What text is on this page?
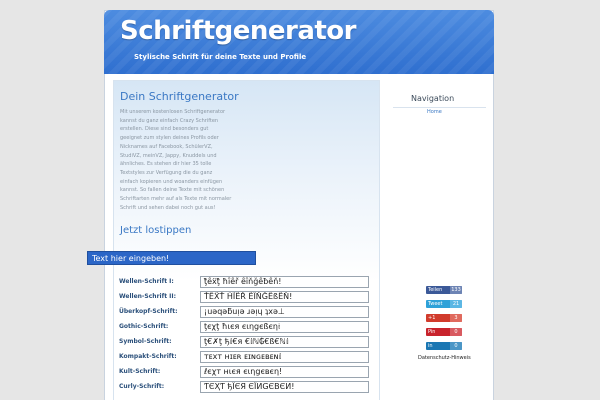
Schriftgenerator
Stylische Schrift für deine Texte und Profile
Dein Schriftgenerator
Mit unserem kostenlosen Schriftgenerator kannst du ganz einfach Crazy Schriften erstellen. Diese sind besonders gut geeignet zum stylen deines Profils oder Nicknames auf Facebook, SchülerVZ, StudiVZ, meinVZ, Jappy, Knuddels und ähnliches. Es stehen dir hier 35 tolle Textstyles zur Verfügung die du ganz einfach kopieren und woanders einfügen kannst. So fallen deine Texte mit schönen Schriftarten mehr auf als Texte mit normaler Schrift und sehen dabei noch gut aus!
Jetzt lostippen
Text hier eingeben!
Wellen-Schrift I:	ţ̃ȇẍţ̃ ħȋȇř ȇȋňğȇƀȇň!
Wellen-Schrift II:	ŤẼẌŤ ĤĨẼŘ ẼĨŇĞẼßẼŇ!
Überkopf-Schrift:	¡uǝqǝƃuᴉǝ ɹǝᴉɥ ʇxǝ⊥
Gothic-Schrift:	ţєχţ ħιєя єιηgєßєη𝔦
Symbol-Schrift:	ţ€✗ţ ђ𝕚€я €𝕚ℕ₲€ß€ℕ𝕚
Kompakt-Schrift:	ᴛᴇxᴛ ʜɪᴇʀ ᴇɪɴɢᴇʙᴇɴ𝕚
Kult-Schrift:	ℓєχт нιєя єιηgєвєη!
Curly-Schrift:	ƬЄҲƬ ђЇЄЯ ЄЇИGЄBЄИ!
Navigation
Home
Teilen 133
Tweet	21
+1	3
Pin	0
in	0
Datenschutz-Hinweis
